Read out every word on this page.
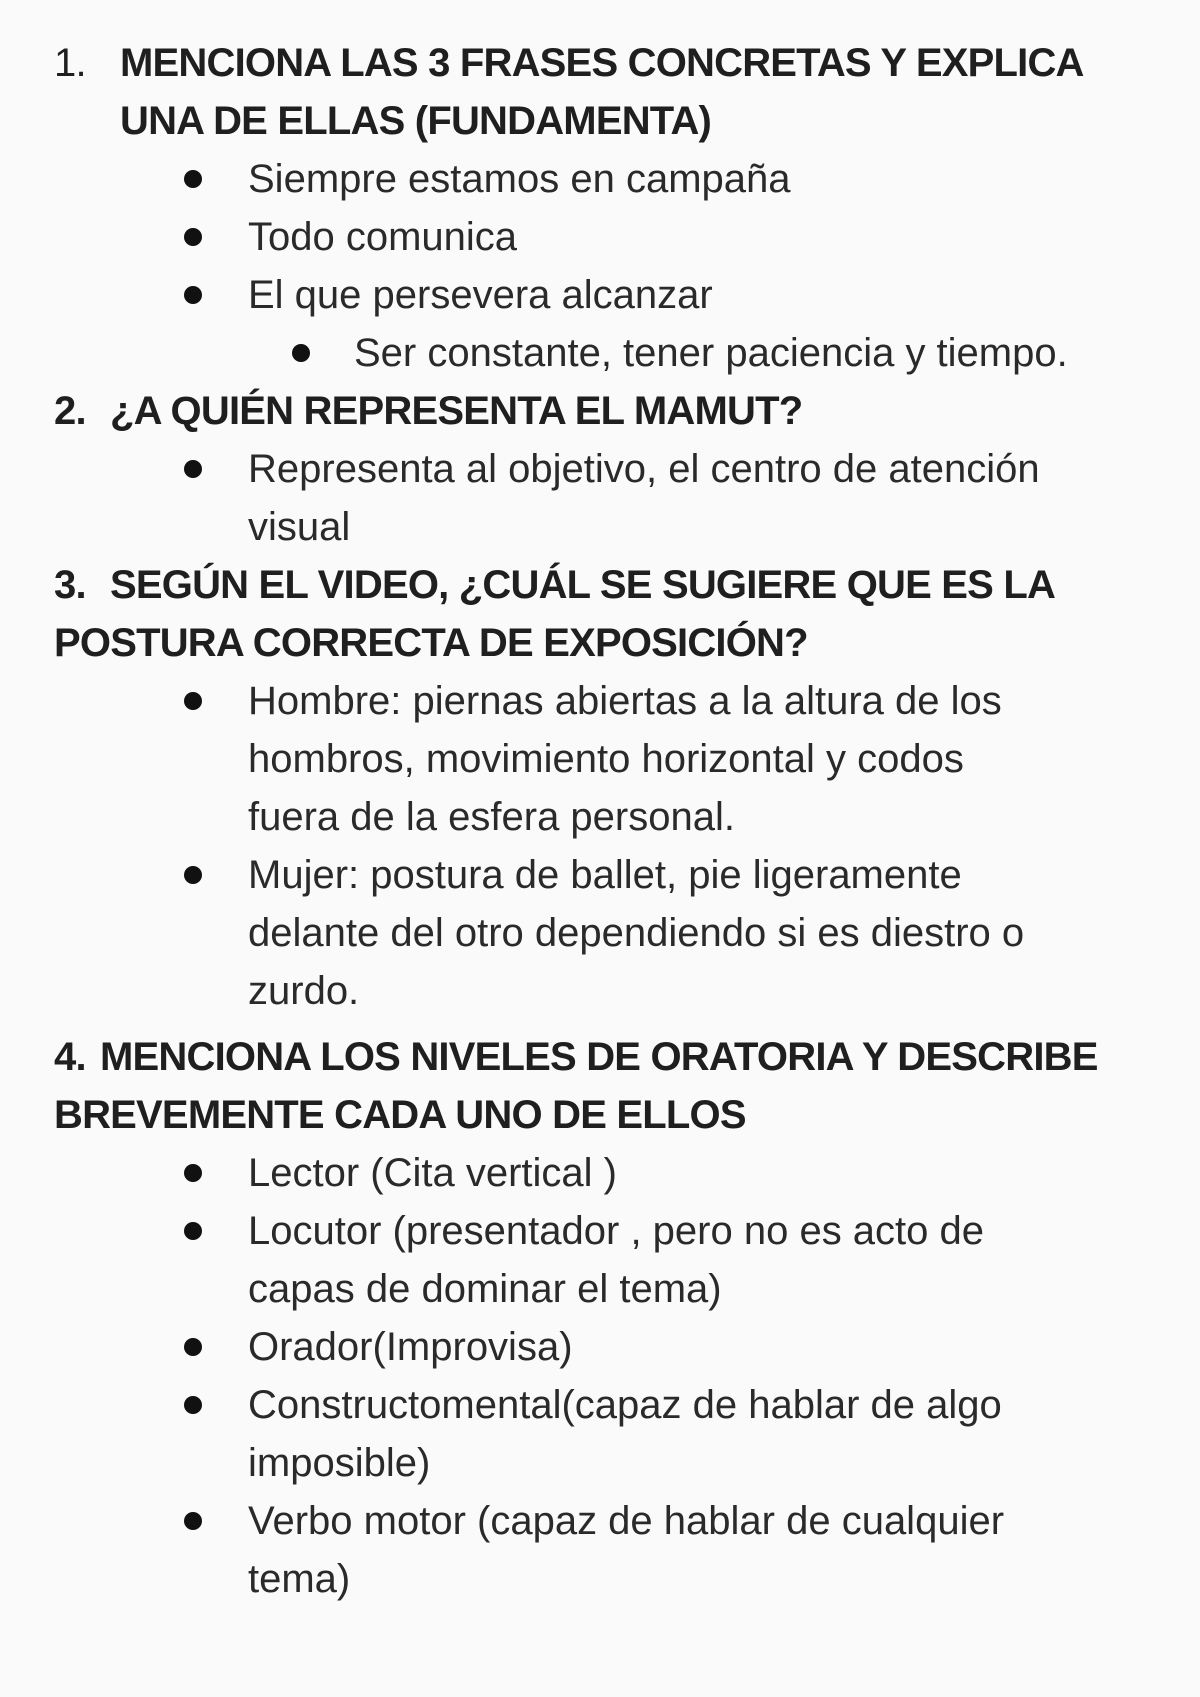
1. MENCIONA LAS 3 FRASES CONCRETAS Y EXPLICA
UNA DE ELLAS (FUNDAMENTA)
Siempre estamos en campaña
Todo comunica
El que persevera alcanzar
Ser constante, tener paciencia y tiempo.
2. ¿A QUIÉN REPRESENTA EL MAMUT?
Representa al objetivo, el centro de atención
visual
3. SEGÚN EL VIDEO, ¿CUÁL SE SUGIERE QUE ES LA
POSTURA CORRECTA DE EXPOSICIÓN?
Hombre: piernas abiertas a la altura de los
hombros, movimiento horizontal y codos
fuera de la esfera personal.
Mujer: postura de ballet, pie ligeramente
delante del otro dependiendo si es diestro o
zurdo.
4. MENCIONA LOS NIVELES DE ORATORIA Y DESCRIBE
BREVEMENTE CADA UNO DE ELLOS
Lector (Cita vertical )
Locutor (presentador , pero no es acto de
capas de dominar el tema)
Orador(Improvisa)
Constructomental(capaz de hablar de algo
imposible)
Verbo motor (capaz de hablar de cualquier
tema)
